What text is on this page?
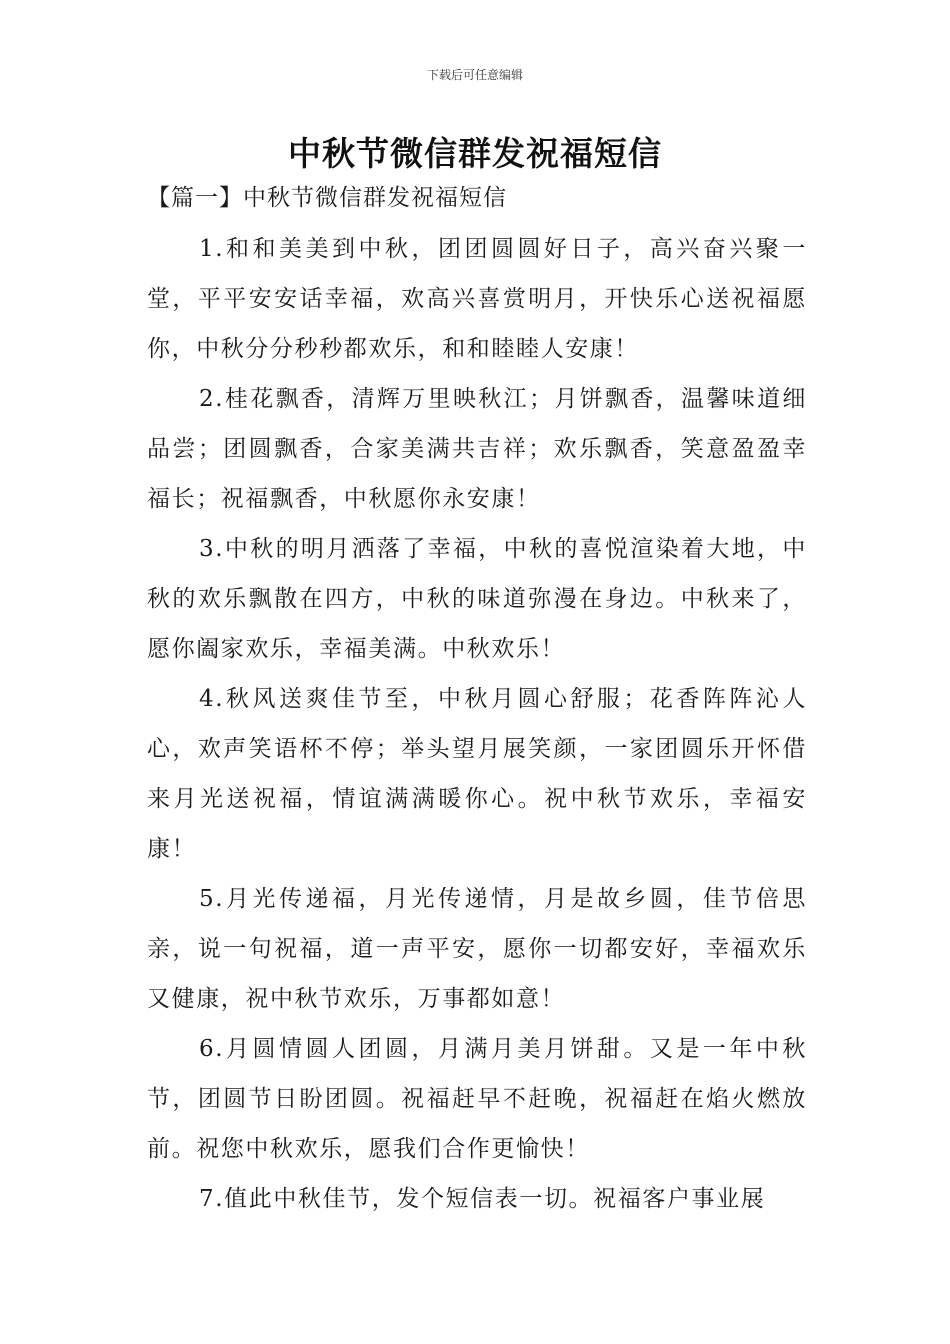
下载后可任意编辑
中秋节微信群发祝福短信
【篇一】中秋节微信群发祝福短信

1.和和美美到中秋，团团圆圆好日子，高兴奋兴聚一堂，平平安安话幸福，欢高兴喜赏明月，开快乐心送祝福愿你，中秋分分秒秒都欢乐，和和睦睦人安康！

2.桂花飘香，清辉万里映秋江；月饼飘香，温馨味道细品尝；团圆飘香，合家美满共吉祥；欢乐飘香，笑意盈盈幸福长；祝福飘香，中秋愿你永安康！

3.中秋的明月洒落了幸福，中秋的喜悦渲染着大地，中秋的欢乐飘散在四方，中秋的味道弥漫在身边。中秋来了，愿你阖家欢乐，幸福美满。中秋欢乐！

4.秋风送爽佳节至，中秋月圆心舒服；花香阵阵沁人心，欢声笑语杯不停；举头望月展笑颜，一家团圆乐开怀借来月光送祝福，情谊满满暖你心。祝中秋节欢乐，幸福安康！

5.月光传递福，月光传递情，月是故乡圆，佳节倍思亲，说一句祝福，道一声平安，愿你一切都安好，幸福欢乐又健康，祝中秋节欢乐，万事都如意！

6.月圆情圆人团圆，月满月美月饼甜。又是一年中秋节，团圆节日盼团圆。祝福赶早不赶晚，祝福赶在焰火燃放前。祝您中秋欢乐，愿我们合作更愉快！

7.值此中秋佳节，发个短信表一切。祝福客户事业展
